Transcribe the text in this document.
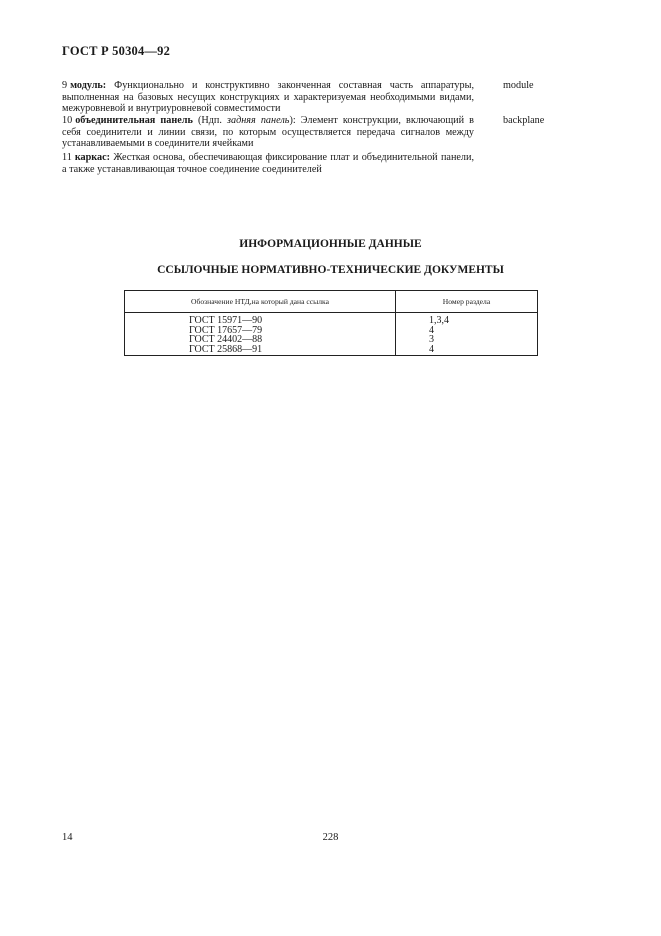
ГОСТ Р 50304—92
9 модуль: Функционально и конструктивно законченная составная часть аппаратуры, выполненная на базовых несущих конструкциях и характеризуемая необходимыми видами, межуровневой и внутриуровневой совместимости
module
10 объединительная панель (Ндп. задняя панель): Элемент конструкции, включающий в себя соединители и линии связи, по которым осуществляется передача сигналов между устанавливаемыми в соединители ячейками
backplane
11 каркас: Жесткая основа, обеспечивающая фиксирование плат и объединительной панели, а также устанавливающая точное соединение соединителей
ИНФОРМАЦИОННЫЕ ДАННЫЕ
ССЫЛОЧНЫЕ НОРМАТИВНО-ТЕХНИЧЕСКИЕ ДОКУМЕНТЫ
Обозначение НТД,на который дана ссылка	Номер раздела
ГОСТ 15971—90	1,3,4
ГОСТ 17657—79	4
ГОСТ 24402—88	3
ГОСТ 25868—91	4
14	228
